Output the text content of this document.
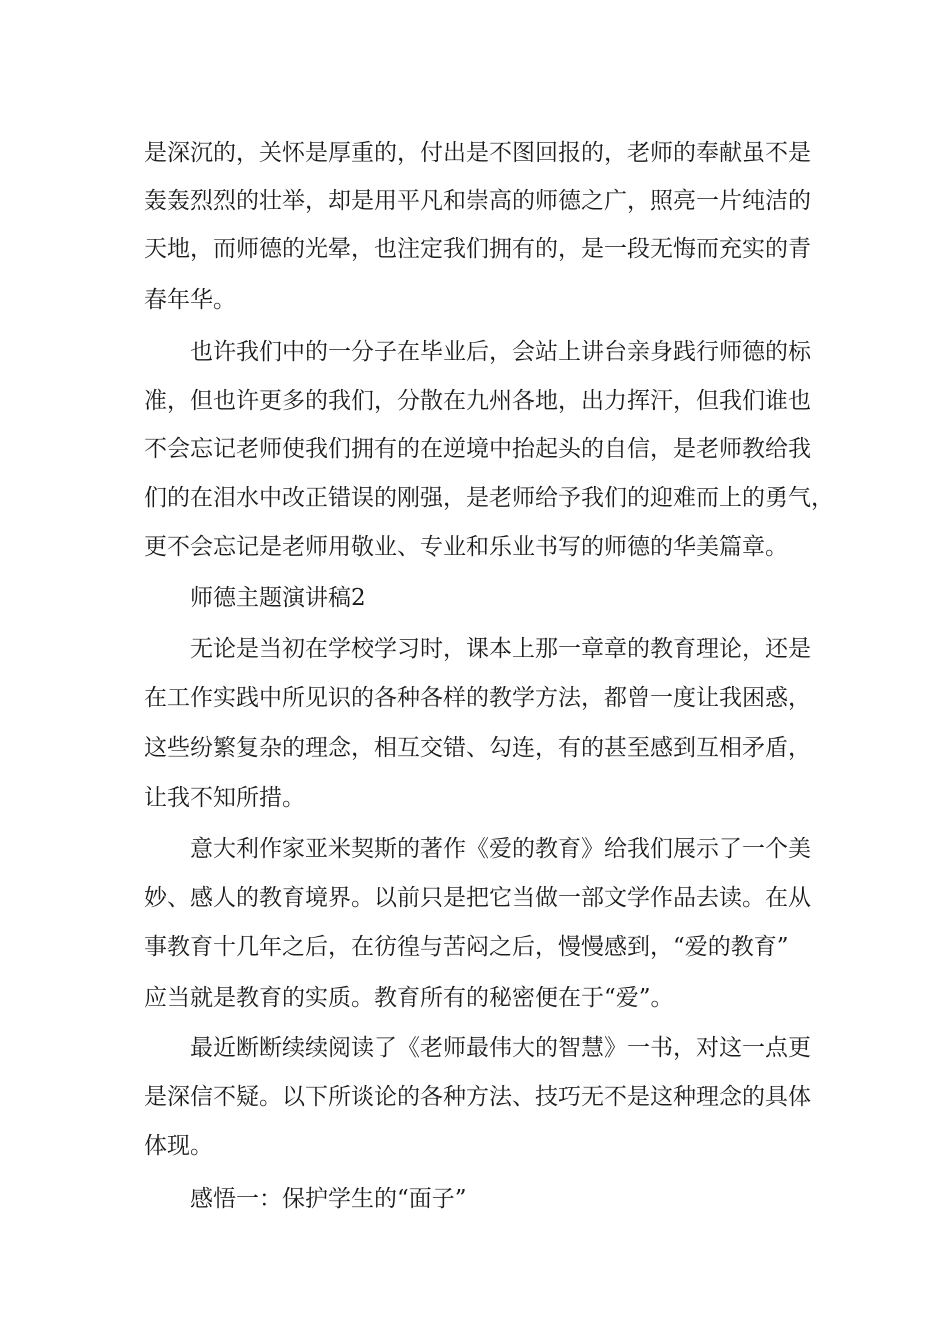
是深沉的，关怀是厚重的，付出是不图回报的，老师的奉献虽不是
轰轰烈烈的壮举，却是用平凡和崇高的师德之广，照亮一片纯洁的
天地，而师德的光晕，也注定我们拥有的，是一段无悔而充实的青
春年华。
也许我们中的一分子在毕业后，会站上讲台亲身践行师德的标
准，但也许更多的我们，分散在九州各地，出力挥汗，但我们谁也
不会忘记老师使我们拥有的在逆境中抬起头的自信，是老师教给我
们的在泪水中改正错误的刚强，是老师给予我们的迎难而上的勇气，
更不会忘记是老师用敬业、专业和乐业书写的师德的华美篇章。
师德主题演讲稿2
无论是当初在学校学习时，课本上那一章章的教育理论，还是
在工作实践中所见识的各种各样的教学方法，都曾一度让我困惑，
这些纷繁复杂的理念，相互交错、勾连，有的甚至感到互相矛盾，
让我不知所措。
意大利作家亚米契斯的著作《爱的教育》给我们展示了一个美
妙、感人的教育境界。以前只是把它当做一部文学作品去读。在从
事教育十几年之后，在彷徨与苦闷之后，慢慢感到，“爱的教育”
应当就是教育的实质。教育所有的秘密便在于“爱”。
最近断断续续阅读了《老师最伟大的智慧》一书，对这一点更
是深信不疑。以下所谈论的各种方法、技巧无不是这种理念的具体
体现。
感悟一：保护学生的“面子”
